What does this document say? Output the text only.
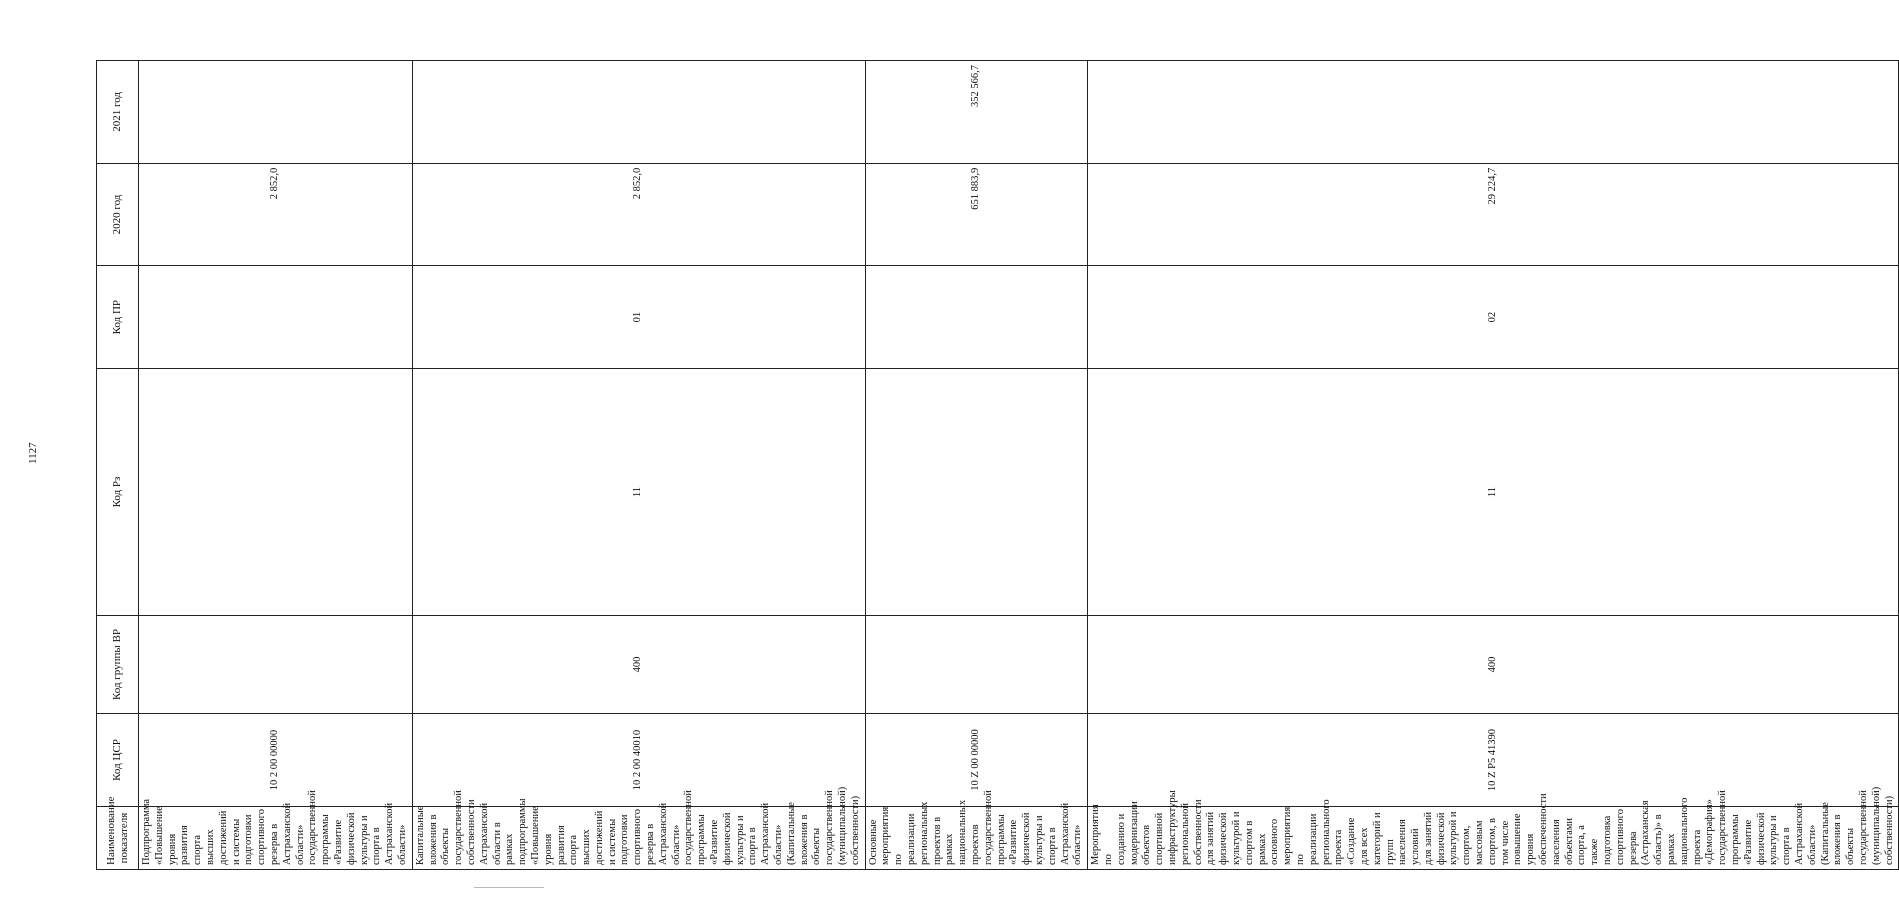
1127
Наименование показателя	Код ЦСР	Код группы ВР	Код Рз	Код ПР	2020 год	2021 год
Подпрограмма «Повышение уровня развития спорта высших достижений и системы подготовки спортивного резерва в Астраханской области» государственной программы «Развитие физической культуры и спорта в Астраханской области»	10 2 00 00000				2 852,0	
Капитальные вложения в объекты государственной собственности Астраханской области в рамках подпрограммы «Повышение уровня развития спорта высших достижений и системы подготовки спортивного резерва в Астраханской области» государственной программы «Развитие физической культуры и спорта в Астраханской области» (Капитальные вложения в объекты государственной (муниципальной) собственности)	10 2 00 40010	400	11	01	2 852,0	
Основные мероприятия по реализации региональных проектов в рамках национальных проектов государственной программы «Развитие физической культуры и спорта в Астраханской области»	10 Z 00 00000				651 883,9	352 566,7
Мероприятия по созданию и модернизации объектов спортивной инфраструктуры региональной собственности для занятий физической культурой и спортом в рамках основного мероприятия по реализации регионального проекта «Создание для всех категорий и групп населения условий для занятий физической культурой и спортом, массовым спортом, в том числе повышение уровня обеспеченности населения объектами спорта, а также подготовка спортивного резерва (Астраханская область)» в рамках национального проекта «Демография» государственной программы «Развитие физической культуры и спорта в Астраханской области» (Капитальные вложения в объекты государственной (муниципальной) собственности)	10 Z P5 41390	400	11	02	29 224,7	
